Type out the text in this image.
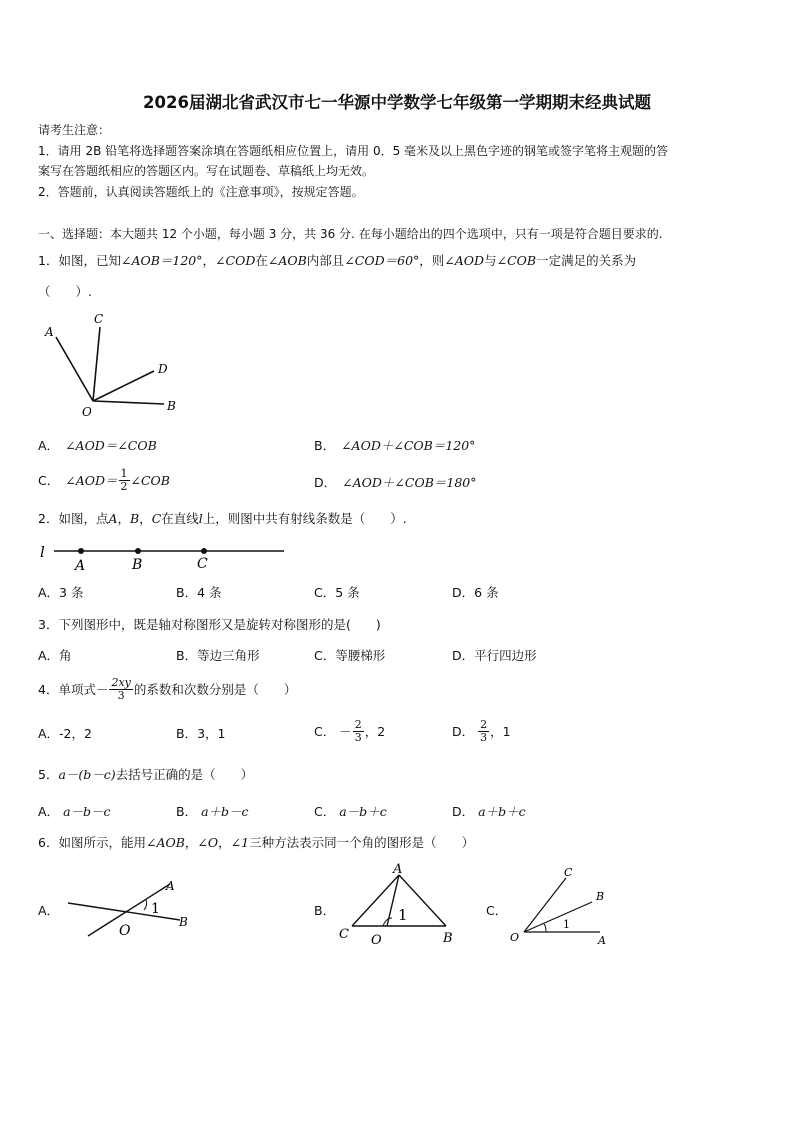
2026届湖北省武汉市七一华源中学数学七年级第一学期期末经典试题
请考生注意：
1．请用 2B 铅笔将选择题答案涂填在答题纸相应位置上，请用 0．5 毫米及以上黑色字迹的钢笔或签字笔将主观题的答
案写在答题纸相应的答题区内。写在试题卷、草稿纸上均无效。
2．答题前，认真阅读答题纸上的《注意事项》，按规定答题。
一、选择题：本大题共 12 个小题，每小题 3 分，共 36 分. 在每小题给出的四个选项中，只有一项是符合题目要求的.
1．如图，已知∠AOB＝120°，∠COD在∠AOB内部且∠COD＝60°，则∠AOD与∠COB一定满足的关系为
（　　）.
A
C
D
O	B
A． ∠AOD＝∠COB	B． ∠AOD＋∠COB＝120°
C． ∠AOD＝ $\frac{1}{2}$ ∠COB	D． ∠AOD＋∠COB＝180°
2．如图，点A，B，C在直线l上，则图中共有射线条数是（　　）.
l
A	B	C
A．3 条	B．4 条	C．5 条	D．6 条
3．下列图形中，既是轴对称图形又是旋转对称图形的是(　　)
A．角	B．等边三角形	C．等腰梯形	D．平行四边形
4．单项式 － $\frac{2xy}{3}$ 的系数和次数分别是（　　）
A．-2，2	B．3，1	C． － $\frac{2}{3}$ ，2	D． $\frac{2}{3}$ ，1
5．a－(b－c)去括号正确的是（　　）
A． a－b－c	B． a＋b－c	C． a－b＋c	D． a＋b＋c
6．如图所示，能用∠AOB，∠O，∠1三种方法表示同一个角的图形是（　　）
A．
A
1
B
O
B．
A
1
C O	B
C．
C
B
1
O	A
